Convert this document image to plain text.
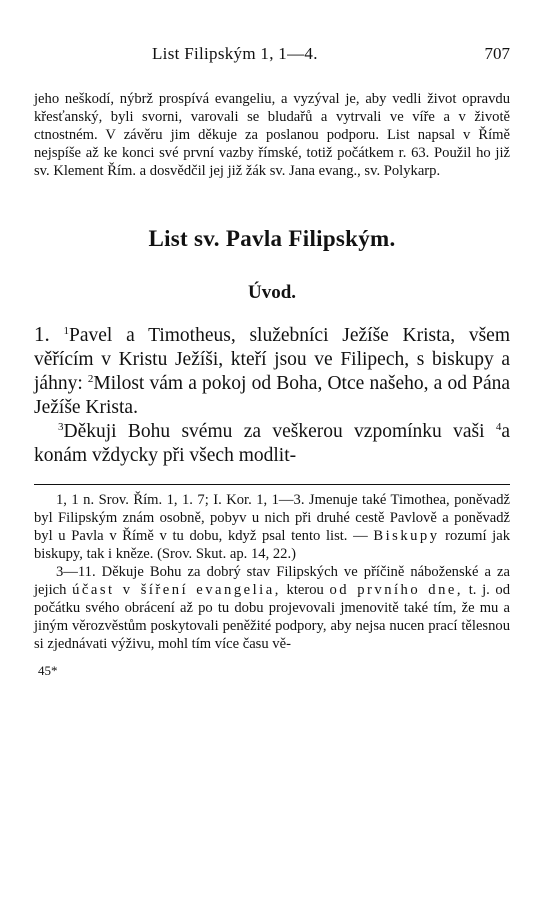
List Filipským 1, 1—4.	707

jeho neškodí, nýbrž prospívá evangeliu, a vyzýval je, aby vedli život opravdu křesťanský, byli svorni, varovali se bludařů a vytrvali ve víře a v životě ctnostném. V závěru jim děkuje za poslanou podporu. List napsal v Římě nejspíše až ke konci své první vazby římské, totiž počátkem r. 63. Použil ho již sv. Klement Řím. a dosvědčil jej již žák sv. Jana evang., sv. Polykarp.

List sv. Pavla Filipským.
Úvod.

1. $^1$Pavel a Timotheus, služebníci Ježíše Krista, všem věřícím v Kristu Ježíši, kteří jsou ve Filipech, s biskupy a jáhny: $^2$Milost vám a pokoj od Boha, Otce našeho, a od Pána Ježíše Krista.
$^3$Děkuji Bohu svému za veškerou vzpomínku vaši $^4$a konám vždycky při všech modlit-

1, 1 n. Srov. Řím. 1, 1. 7; I. Kor. 1, 1—3. Jmenuje také Timothea, poněvadž byl Filipským znám osobně, pobyv u nich při druhé cestě Pavlově a poněvadž byl u Pavla v Římě v tu dobu, když psal tento list. — Biskupy rozumí jak biskupy, tak i kněze. (Srov. Skut. ap. 14, 22.)

3—11. Děkuje Bohu za dobrý stav Filipských ve příčině náboženské a za jejich účast v šíření evangelia, kterou od prvního dne, t. j. od počátku svého obrácení až po tu dobu projevovali jmenovitě také tím, že mu a jiným věrozvěstům poskytovali peněžité podpory, aby nejsa nucen prací tělesnou si zjednávati výživu, mohl tím více času vě-

45*
